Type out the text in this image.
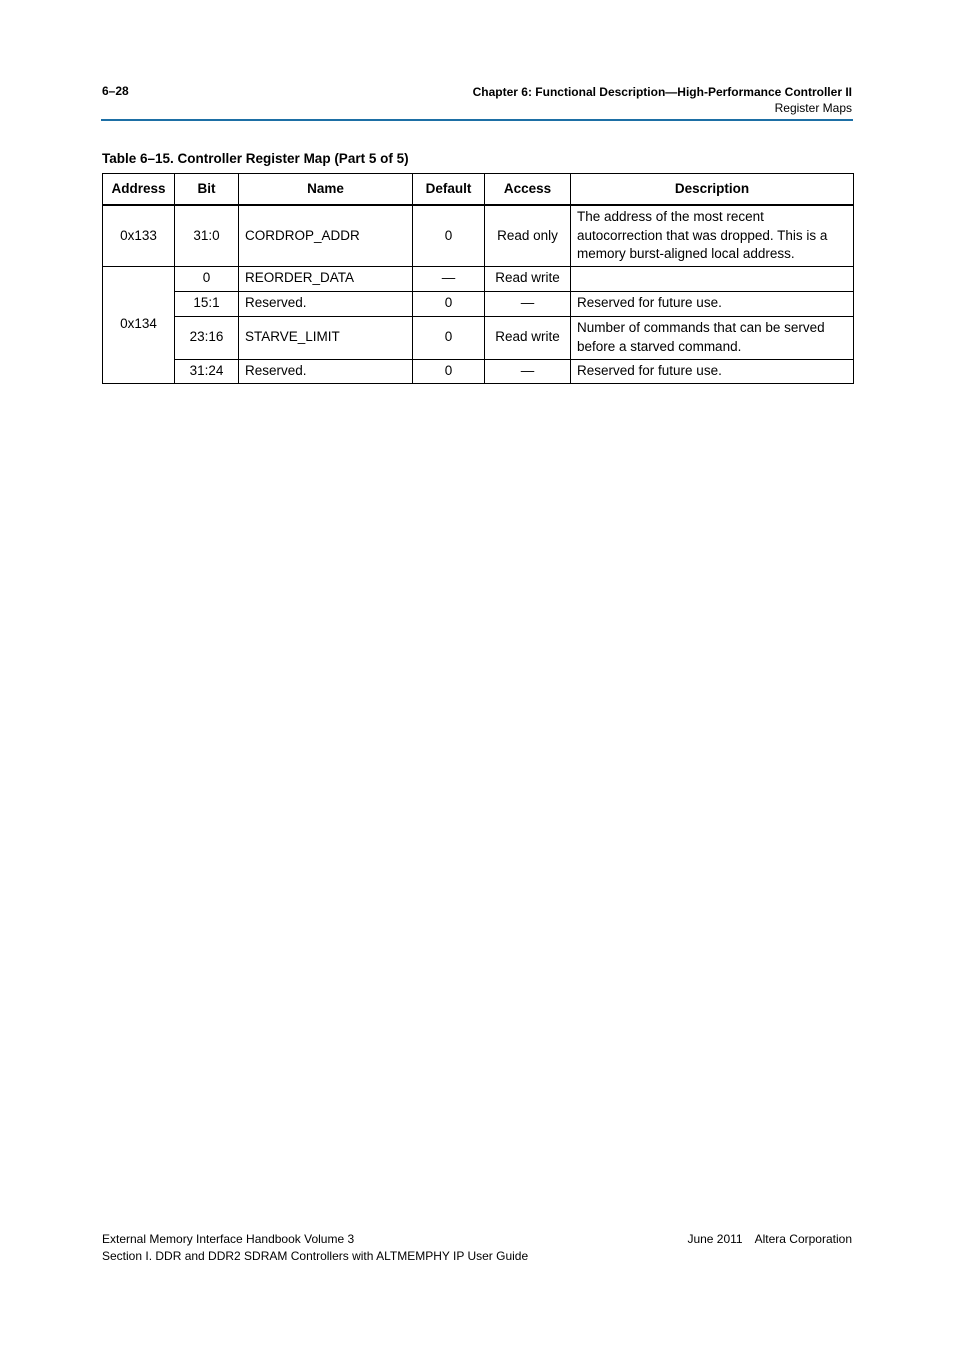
6–28	Chapter 6: Functional Description—High-Performance Controller II
Register Maps
Table 6–15. Controller Register Map (Part 5 of 5)
Address	Bit	Name	Default	Access	Description
0x133	31:0	CORDROP_ADDR	0	Read only	The address of the most recent autocorrection that was dropped. This is a memory burst-aligned local address.
0x134	0	REORDER_DATA	—	Read write	
	15:1	Reserved.	0	—	Reserved for future use.
	23:16	STARVE_LIMIT	0	Read write	Number of commands that can be served before a starved command.
	31:24	Reserved.	0	—	Reserved for future use.
External Memory Interface Handbook Volume 3
Section I. DDR and DDR2 SDRAM Controllers with ALTMEMPHY IP User Guide
June 2011 Altera Corporation
